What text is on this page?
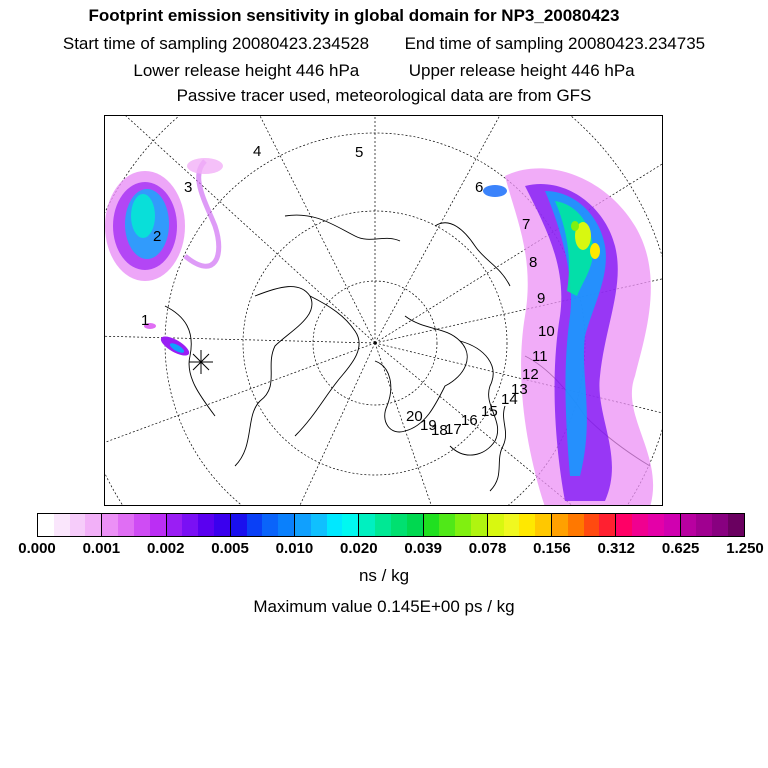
Footprint emission sensitivity in global domain for NP3_20080423
Start time of sampling 20080423.234528 End time of sampling 20080423.234735
Lower release height 446 hPa	Upper release height 446 hPa
Passive tracer used, meteorological data are from GFS
1
2
3
4	5
6
7
8
9
10
11
12
13
14
15
16
17
18
19
20
ns / kg
Maximum value 0.145E+00 ps / kg
0.000 0.001 0.002 0.005 0.010 0.020 0.039 0.078 0.156 0.312 0.625 1.250
